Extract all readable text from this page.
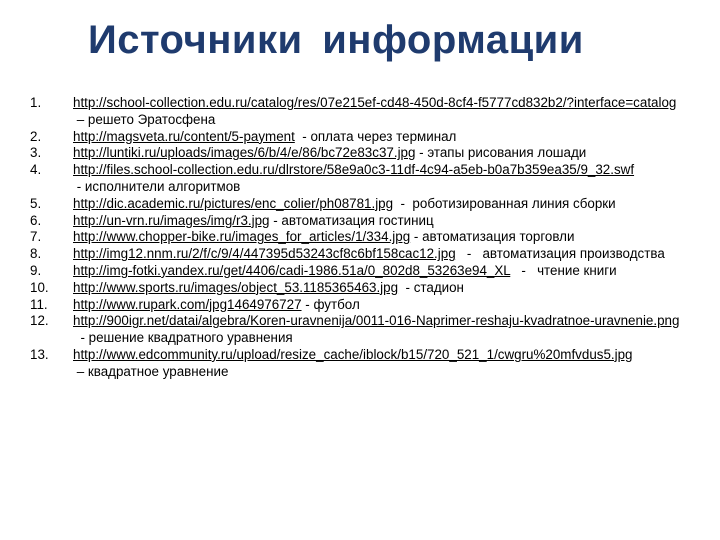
Источники информации
1.	http://school-collection.edu.ru/catalog/res/07e215ef-cd48-450d-8cf4-f5777cd832b2/?interface=catalog – решето Эратосфена
2.	http://magsveta.ru/content/5-payment  - оплата через терминал
3.	http://luntiki.ru/uploads/images/6/b/4/e/86/bc72e83c37.jpg - этапы рисования лошади
4.	http://files.school-collection.edu.ru/dlrstore/58e9a0c3-11df-4c94-a5eb-b0a7b359ea35/9_32.swf - исполнители алгоритмов
5.	http://dic.academic.ru/pictures/enc_colier/ph08781.jpg  -  роботизированная линия сборки
6.	http://un-vrn.ru/images/img/r3.jpg - автоматизация гостиниц
7.	http://www.chopper-bike.ru/images_for_articles/1/334.jpg - автоматизация торговли
8.	http://img12.nnm.ru/2/f/c/9/4/447395d53243cf8c6bf158cac12.jpg   -   автоматизация производства
9.	http://img-fotki.yandex.ru/get/4406/cadi-1986.51a/0_802d8_53263e94_XL   -   чтение книги
10.	http://www.sports.ru/images/object_53.1185365463.jpg  - стадион
11.	http://www.rupark.com/jpg1464976727 - футбол
12.	http://900igr.net/datai/algebra/Koren-uravnenija/0011-016-Naprimer-reshaju-kvadratnoe-uravnenie.png  - решение квадратного уравнения
13.	http://www.edcommunity.ru/upload/resize_cache/iblock/b15/720_521_1/cwgru%20mfvdus5.jpg – квадратное уравнение
